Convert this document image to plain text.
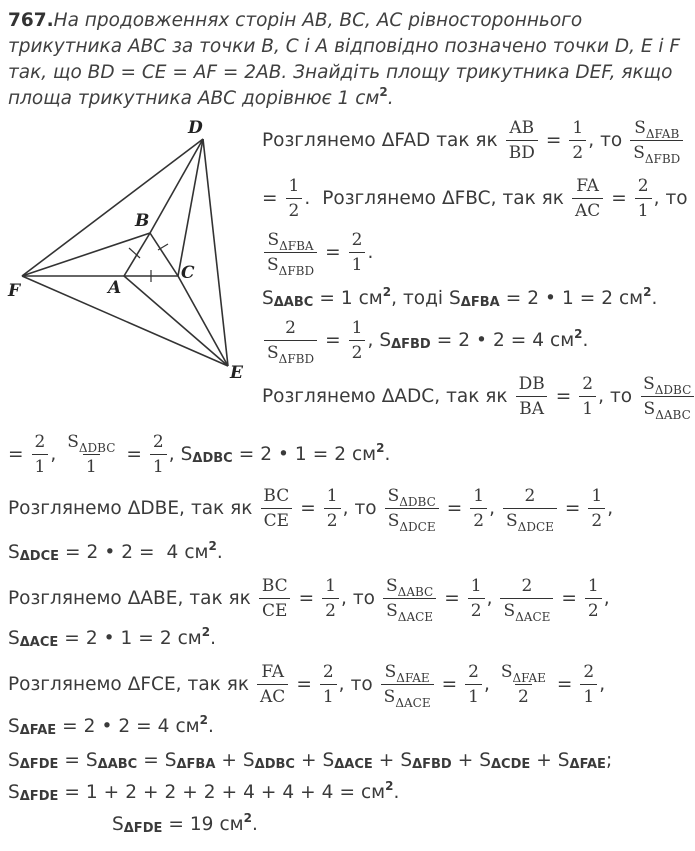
767. На продовженнях сторін AB, BC, AC рівностороннього
трикутника ABC за точки B, C і A відповідно позначено точки D, E і F
так, що BD = CE = AF = 2AB. Знайдіть площу трикутника DEF, якщо
площа трикутника ABC дорівнює 1 см 2 .
D
B
C
A
F
E
Розглянемо ΔFAD так як $\frac{AB}{BD} = \frac{1}{2}$ , то $\frac{S_{\Delta FAB}}{S_{\Delta FBD}}$
= $\frac{1}{2}$ . Розглянемо ΔFBC , так як $\frac{FA}{AC} = \frac{2}{1}$ , то
$\frac{S_{\Delta FBA}}{S_{\Delta FBD}} = \frac{2}{1}$ .
S ΔABC = 1 см 2 , тоді S ΔFBA = 2 • 1 = 2 см 2 .
$\frac{2}{S_{\Delta FBD}} = \frac{1}{2}$ , S ΔFBD = 2 • 2 = 4 см 2 .
Розглянемо ΔADC , так як $\frac{DB}{BA} = \frac{2}{1}$ , то $\frac{S_{\Delta DBC}}{S_{\Delta ABC}}$
= $\frac{2}{1}$ , $\frac{S_{\Delta DBC}}{1} = \frac{2}{1}$ , S ΔDBC = 2 • 1 = 2 см 2 .
Розглянемо ΔDBE , так як $\frac{BC}{CE} = \frac{1}{2}$ , то $\frac{S_{\Delta DBC}}{S_{\Delta DCE}} = \frac{1}{2}$ , $\frac{2}{S_{\Delta DCE}} = \frac{1}{2}$ ,
S ΔDCE = 2 • 2 = 4 см 2 .
Розглянемо ΔABE , так як $\frac{BC}{CE} = \frac{1}{2}$ , то $\frac{S_{\Delta ABC}}{S_{\Delta ACE}} = \frac{1}{2}$ , $\frac{2}{S_{\Delta ACE}} = \frac{1}{2}$ ,
S ΔACE = 2 • 1 = 2 см 2 .
Розглянемо ΔFCE , так як $\frac{FA}{AC} = \frac{2}{1}$ , то $\frac{S_{\Delta FAE}}{S_{\Delta ACE}} = \frac{2}{1}$ , $\frac{S_{\Delta FAE}}{2} = \frac{2}{1}$ ,
S ΔFAE = 2 • 2 = 4 см 2 .
S ΔFDE = S ΔABC = S ΔFBA + S ΔDBC + S ΔACE + S ΔFBD + S ΔCDE + S ΔFAE ;
S ΔFDE = 1 + 2 + 2 + 2 + 4 + 4 + 4 = см 2 .
S ΔFDE = 19 см 2 .
